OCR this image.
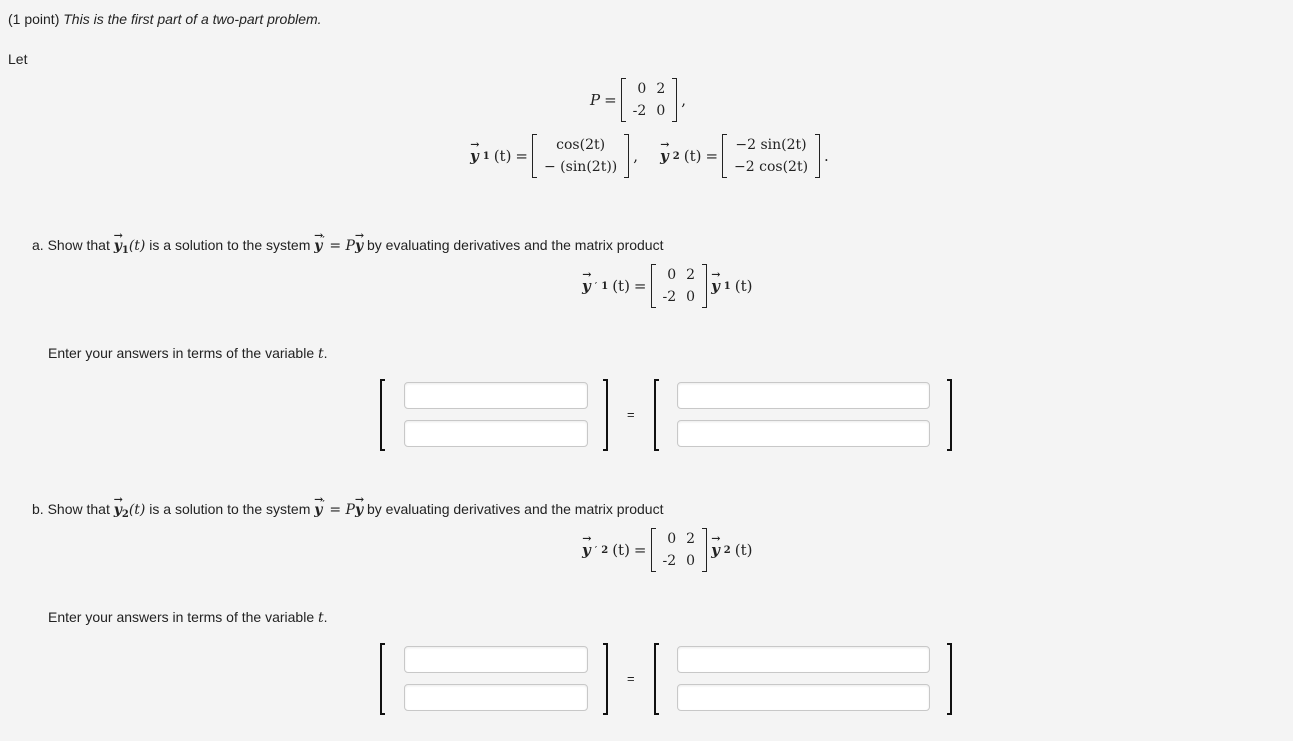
(1 point) This is the first part of a two-part problem.
Let
P =
0	2
-2	0
,
→ y 1 (t) =
cos(2t)
− (sin(2t))
, → y 2 (t) =
−2 sin(2t)
−2 cos(2t)
.
a. Show that → $y_1(t)$ is a solution to the system → y′ = P→ y by evaluating derivatives and the matrix product
→ y ′ 1 (t) =
0	2
-2	0
→ y 1 (t)
Enter your answers in terms of the variable t.
=
b. Show that → $y_2(t)$ is a solution to the system → y′ = P→ y by evaluating derivatives and the matrix product
→ y ′ 2 (t) =
0	2
-2	0
→ y 2 (t)
Enter your answers in terms of the variable t.
=
